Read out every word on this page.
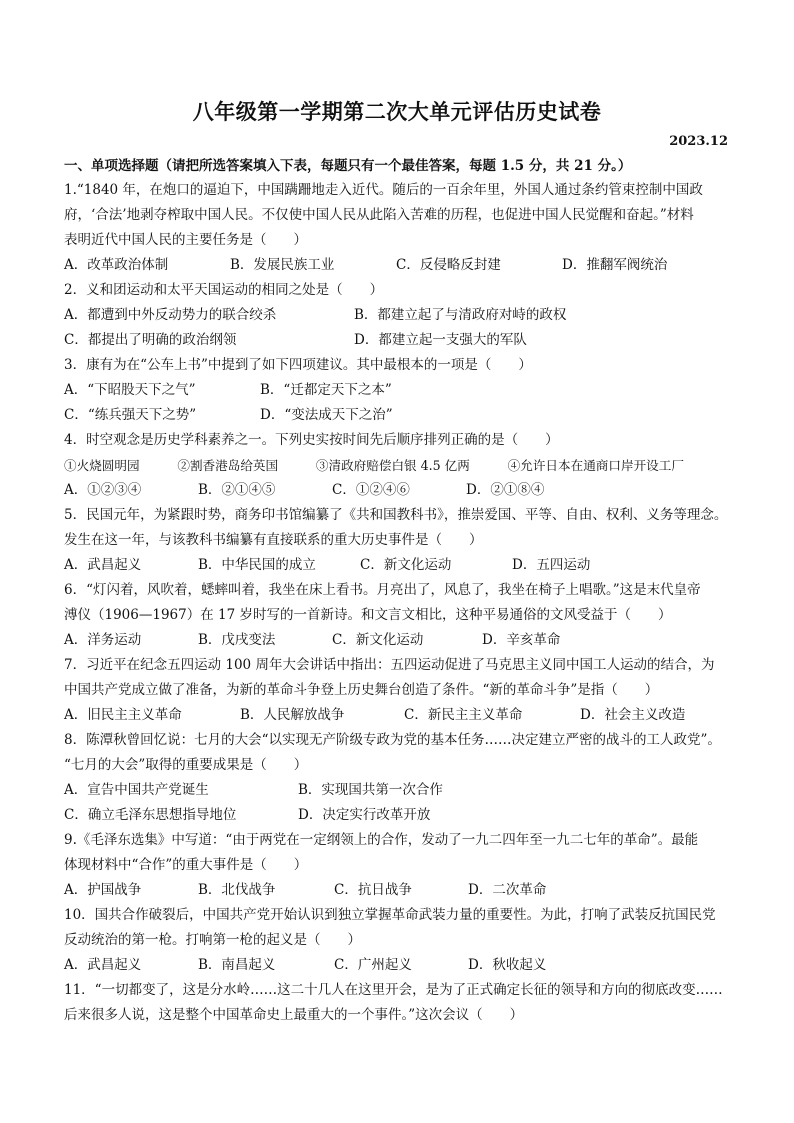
八年级第一学期第二次大单元评估历史试卷
2023.12
一、单项选择题（请把所选答案填入下表，每题只有一个最佳答案，每题 1.5 分，共 21 分。）
1.“1840 年，在炮口的逼迫下，中国蹒跚地走入近代。随后的一百余年里，外国人通过条约管束控制中国政
府，‘合法’地剥夺榨取中国人民。不仅使中国人民从此陷入苦难的历程，也促进中国人民觉醒和奋起。”材料
表明近代中国人民的主要任务是（　　）
A．改革政治体制	B．发展民族工业	C．反侵略反封建	D．推翻军阀统治
2．义和团运动和太平天国运动的相同之处是（　　）
A．都遭到中外反动势力的联合绞杀	B．都建立起了与清政府对峙的政权
C．都提出了明确的政治纲领	D．都建立起一支强大的军队
3．康有为在“公车上书”中提到了如下四项建议。其中最根本的一项是（　　）
A．“下昭股天下之气”	B．“迁都定天下之本”
C．“练兵强天下之势”	D．“变法成天下之治”
4．时空观念是历史学科素养之一。下列史实按时间先后顺序排列正确的是（　　）
①火烧圆明园　　　②割香港岛给英国　　　③清政府赔偿白银 4.5 亿两　　　④允许日本在通商口岸开设工厂
A．①②③④	B．②①④⑤	C．①②④⑥	D．②①⑧④
5．民国元年，为紧跟时势，商务印书馆编纂了《共和国教科书》，推崇爱国、平等、自由、权利、义务等理念。
发生在这一年，与该教科书编纂有直接联系的重大历史事件是（　　）
A．武昌起义	B．中华民国的成立	C．新文化运动	D．五四运动
6．“灯闪着，风吹着，蟋蟀叫着，我坐在床上看书。月亮出了，风息了，我坐在椅子上唱歌。”这是末代皇帝
溥仪（1906—1967）在 17 岁时写的一首新诗。和文言文相比，这种平易通俗的文风受益于（　　）
A．洋务运动	B．戊戌变法	C．新文化运动	D．辛亥革命
7．习近平在纪念五四运动 100 周年大会讲话中指出：五四运动促进了马克思主义同中国工人运动的结合，为
中国共产党成立做了准备，为新的革命斗争登上历史舞台创造了条件。“新的革命斗争”是指（　　）
A．旧民主主义革命	B．人民解放战争	C．新民主主义革命	D．社会主义改造
8．陈潭秋曾回忆说：七月的大会“以实现无产阶级专政为党的基本任务……决定建立严密的战斗的工人政党”。
“七月的大会”取得的重要成果是（　　）
A．宣告中国共产党诞生	B．实现国共第一次合作
C．确立毛泽东思想指导地位	D．决定实行改革开放
9.《毛泽东选集》中写道：“由于两党在一定纲领上的合作，发动了一九二四年至一九二七年的革命”。最能
体现材料中“合作”的重大事件是（　　）
A．护国战争	B．北伐战争	C．抗日战争	D．二次革命
10．国共合作破裂后，中国共产党开始认识到独立掌握革命武装力量的重要性。为此，打响了武装反抗国民党
反动统治的第一枪。打响第一枪的起义是（　　）
A．武昌起义	B．南昌起义	C．广州起义	D．秋收起义
11．“一切都变了，这是分水岭……这二十几人在这里开会，是为了正式确定长征的领导和方向的彻底改变……
后来很多人说，这是整个中国革命史上最重大的一个事件。”这次会议（　　）
